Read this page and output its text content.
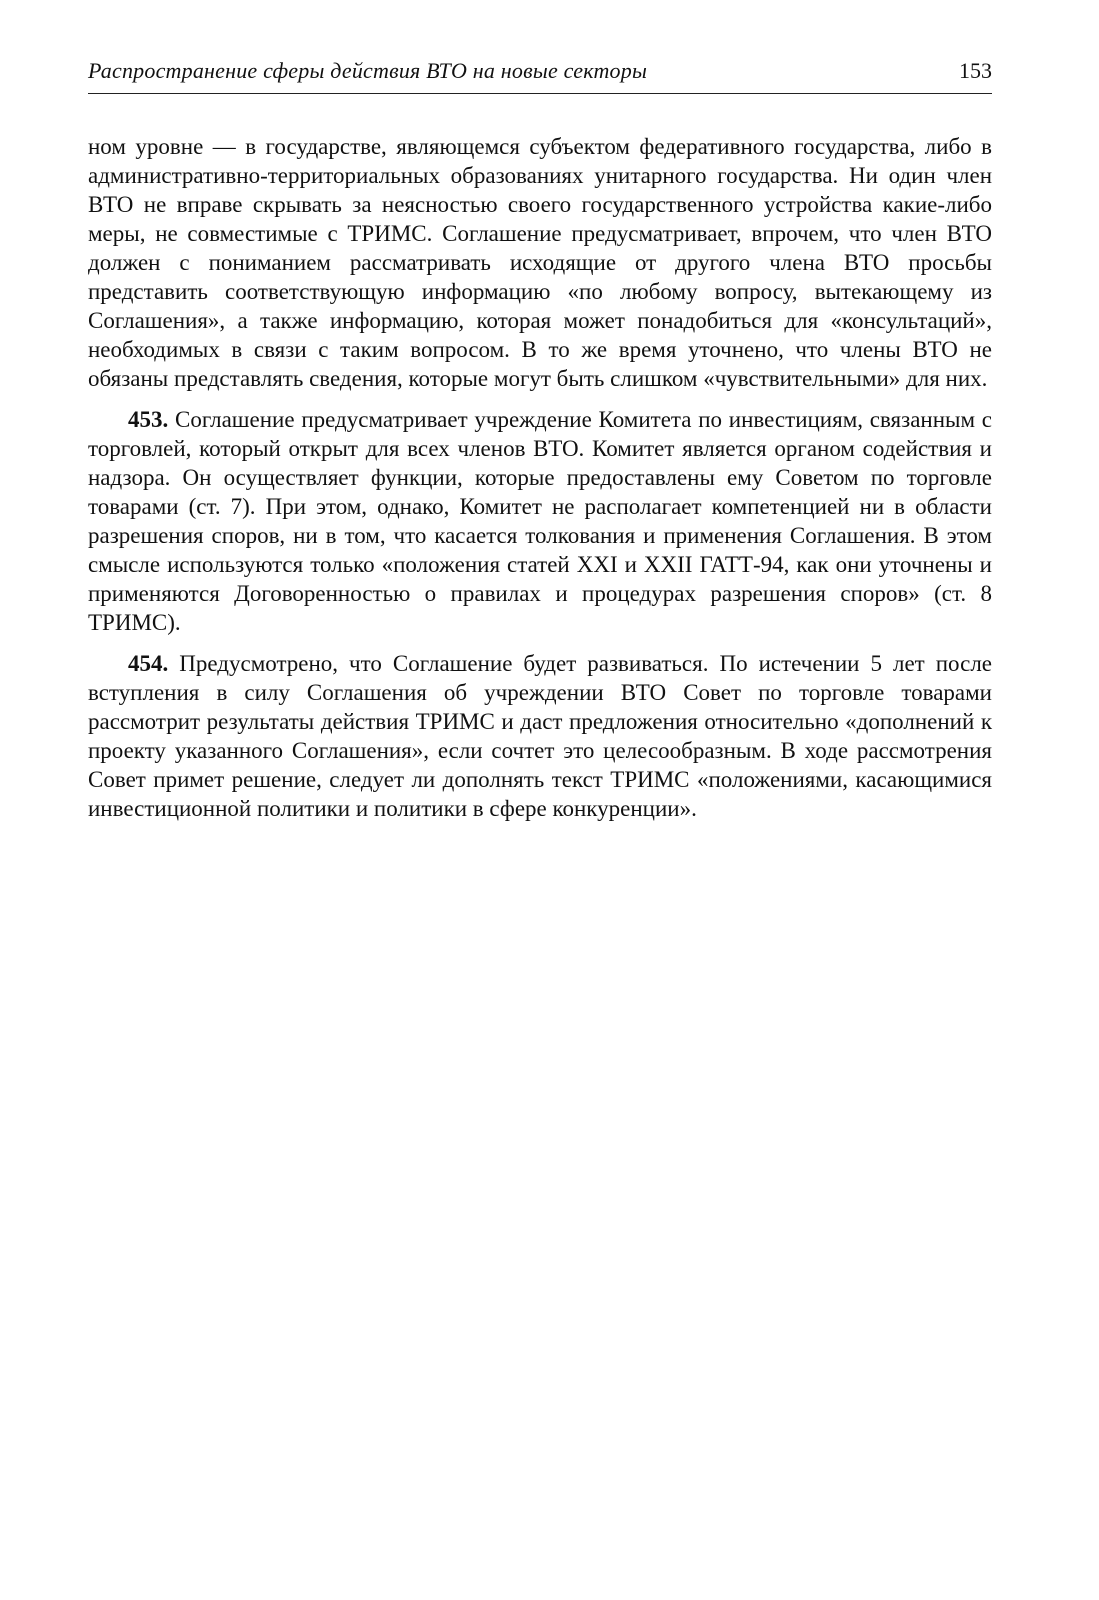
Распространение сферы действия ВТО на новые секторы	153

ном уровне — в государстве, являющемся субъектом федеративного государства, либо в административно-территориальных образованиях унитарного государства. Ни один член ВТО не вправе скрывать за неясностью своего государственного устройства какие-либо меры, не совместимые с ТРИМС. Соглашение предусматривает, впрочем, что член ВТО должен с пониманием рассматривать исходящие от другого члена ВТО просьбы представить соответствующую информацию «по любому вопросу, вытекающему из Соглашения», а также информацию, которая может понадобиться для «консультаций», необходимых в связи с таким вопросом. В то же время уточнено, что члены ВТО не обязаны представлять сведения, которые могут быть слишком «чувствительными» для них.

453. Соглашение предусматривает учреждение Комитета по инвестициям, связанным с торговлей, который открыт для всех членов ВТО. Комитет является органом содействия и надзора. Он осуществляет функции, которые предоставлены ему Советом по торговле товарами (ст. 7). При этом, однако, Комитет не располагает компетенцией ни в области разрешения споров, ни в том, что касается толкования и применения Соглашения. В этом смысле используются только «положения статей XXI и XXII ГАТТ-94, как они уточнены и применяются Договоренностью о правилах и процедурах разрешения споров» (ст. 8 ТРИМС).

454. Предусмотрено, что Соглашение будет развиваться. По истечении 5 лет после вступления в силу Соглашения об учреждении ВТО Совет по торговле товарами рассмотрит результаты действия ТРИМС и даст предложения относительно «дополнений к проекту указанного Соглашения», если сочтет это целесообразным. В ходе рассмотрения Совет примет решение, следует ли дополнять текст ТРИМС «положениями, касающимися инвестиционной политики и политики в сфере конкуренции».
